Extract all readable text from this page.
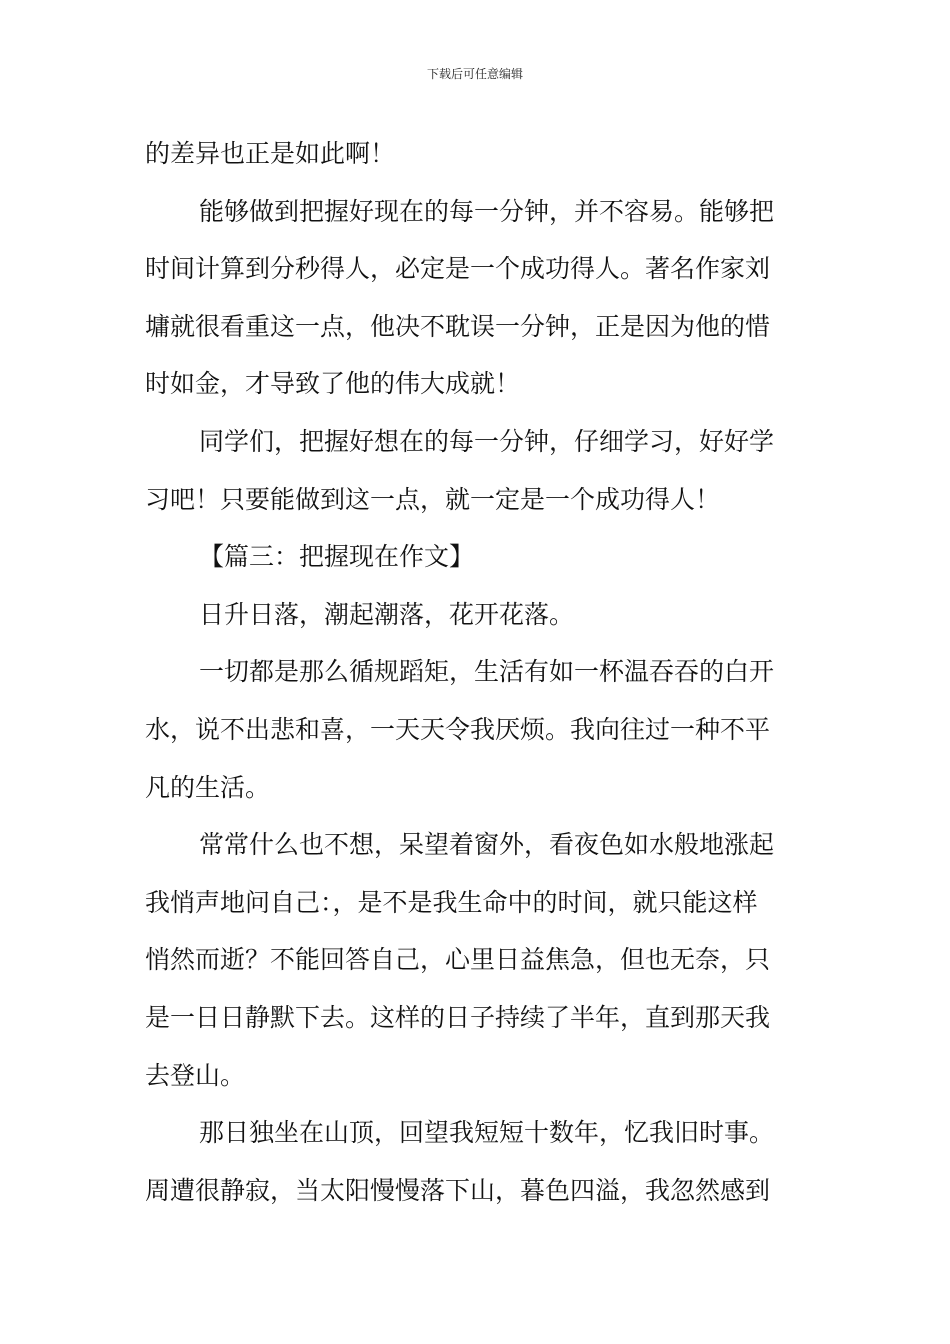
下载后可任意编辑
的差异也正是如此啊！
能够做到把握好现在的每一分钟，并不容易。能够把
时间计算到分秒得人，必定是一个成功得人。著名作家刘
墉就很看重这一点，他决不耽误一分钟，正是因为他的惜
时如金，才导致了他的伟大成就！
同学们，把握好想在的每一分钟，仔细学习，好好学
习吧！只要能做到这一点，就一定是一个成功得人！
【篇三：把握现在作文】
日升日落，潮起潮落，花开花落。
一切都是那么循规蹈矩，生活有如一杯温吞吞的白开
水，说不出悲和喜，一天天令我厌烦。我向往过一种不平
凡的生活。
常常什么也不想，呆望着窗外，看夜色如水般地涨起
我悄声地问自己：，是不是我生命中的时间，就只能这样
悄然而逝？不能回答自己，心里日益焦急，但也无奈，只
是一日日静默下去。这样的日子持续了半年，直到那天我
去登山。
那日独坐在山顶，回望我短短十数年，忆我旧时事。
周遭很静寂，当太阳慢慢落下山，暮色四溢，我忽然感到
